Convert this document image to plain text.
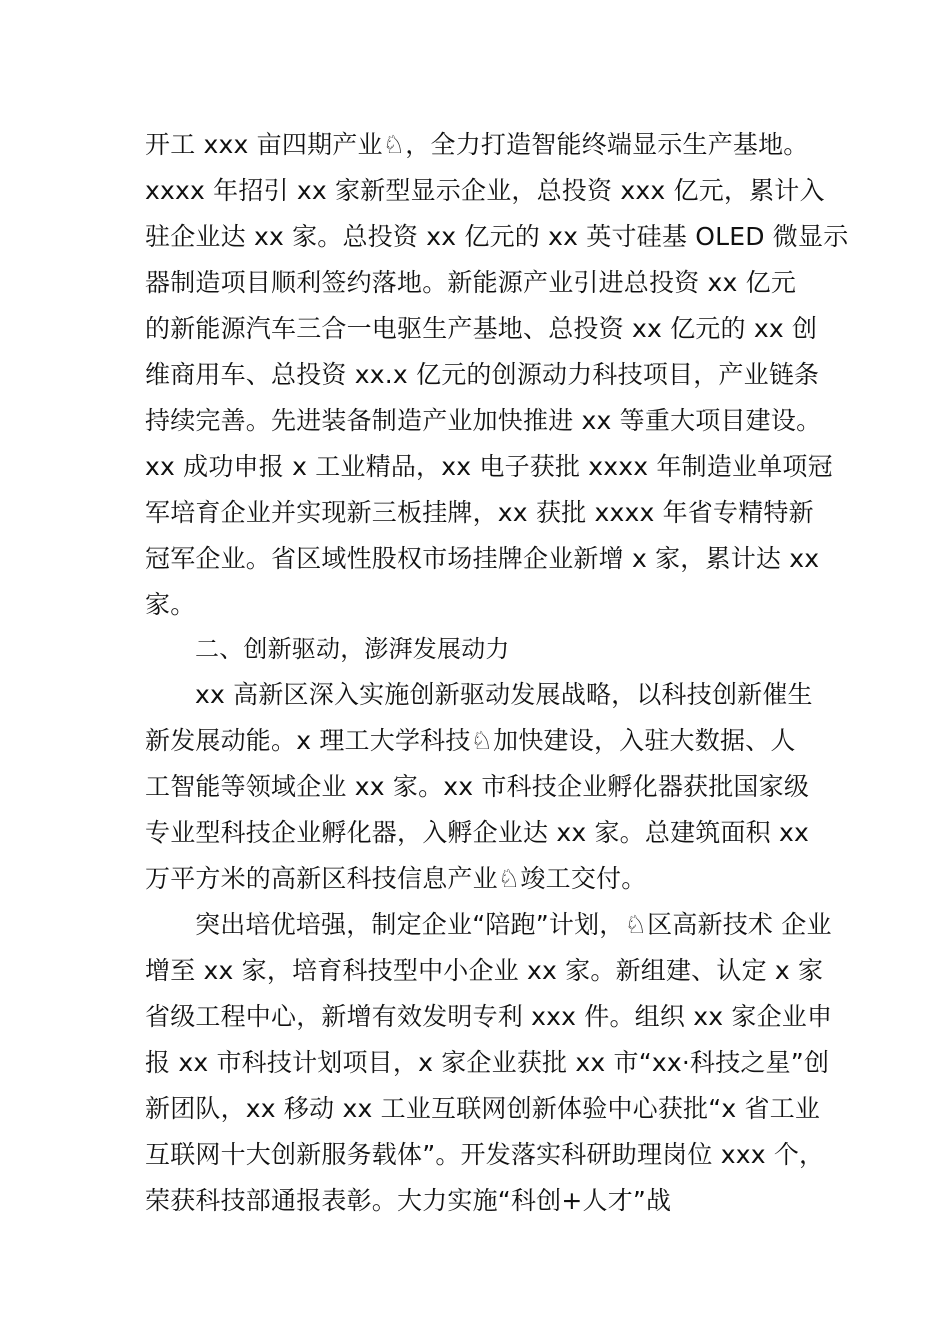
开工 xxx 亩四期产业♘，全力打造智能终端显示生产基地。
xxxx 年招引 xx 家新型显示企业，总投资 xxx 亿元，累计入
驻企业达 xx 家。总投资 xx 亿元的 xx 英寸硅基 OLED 微显示
器制造项目顺利签约落地。新能源产业引进总投资 xx 亿元
的新能源汽车三合一电驱生产基地、总投资 xx 亿元的 xx 创
维商用车、总投资 xx.x 亿元的创源动力科技项目，产业链条
持续完善。先进装备制造产业加快推进 xx 等重大项目建设。
xx 成功申报 x 工业精品，xx 电子获批 xxxx 年制造业单项冠
军培育企业并实现新三板挂牌，xx 获批 xxxx 年省专精特新
冠军企业。省区域性股权市场挂牌企业新增 x 家，累计达 xx
家。
二、创新驱动，澎湃发展动力
xx 高新区深入实施创新驱动发展战略，以科技创新催生
新发展动能。x 理工大学科技♘加快建设，入驻大数据、人
工智能等领域企业 xx 家。xx 市科技企业孵化器获批国家级
专业型科技企业孵化器，入孵企业达 xx 家。总建筑面积 xx
万平方米的高新区科技信息产业♘竣工交付。
突出培优培强，制定企业“陪跑”计划，♘区高新技术 企业
增至 xx 家，培育科技型中小企业 xx 家。新组建、认定 x 家
省级工程中心，新增有效发明专利 xxx 件。组织 xx 家企业申
报 xx 市科技计划项目，x 家企业获批 xx 市“xx·科技之星”创
新团队，xx 移动 xx 工业互联网创新体验中心获批“x 省工业
互联网十大创新服务载体”。开发落实科研助理岗位 xxx 个，
荣获科技部通报表彰。大力实施“科创+人才”战
